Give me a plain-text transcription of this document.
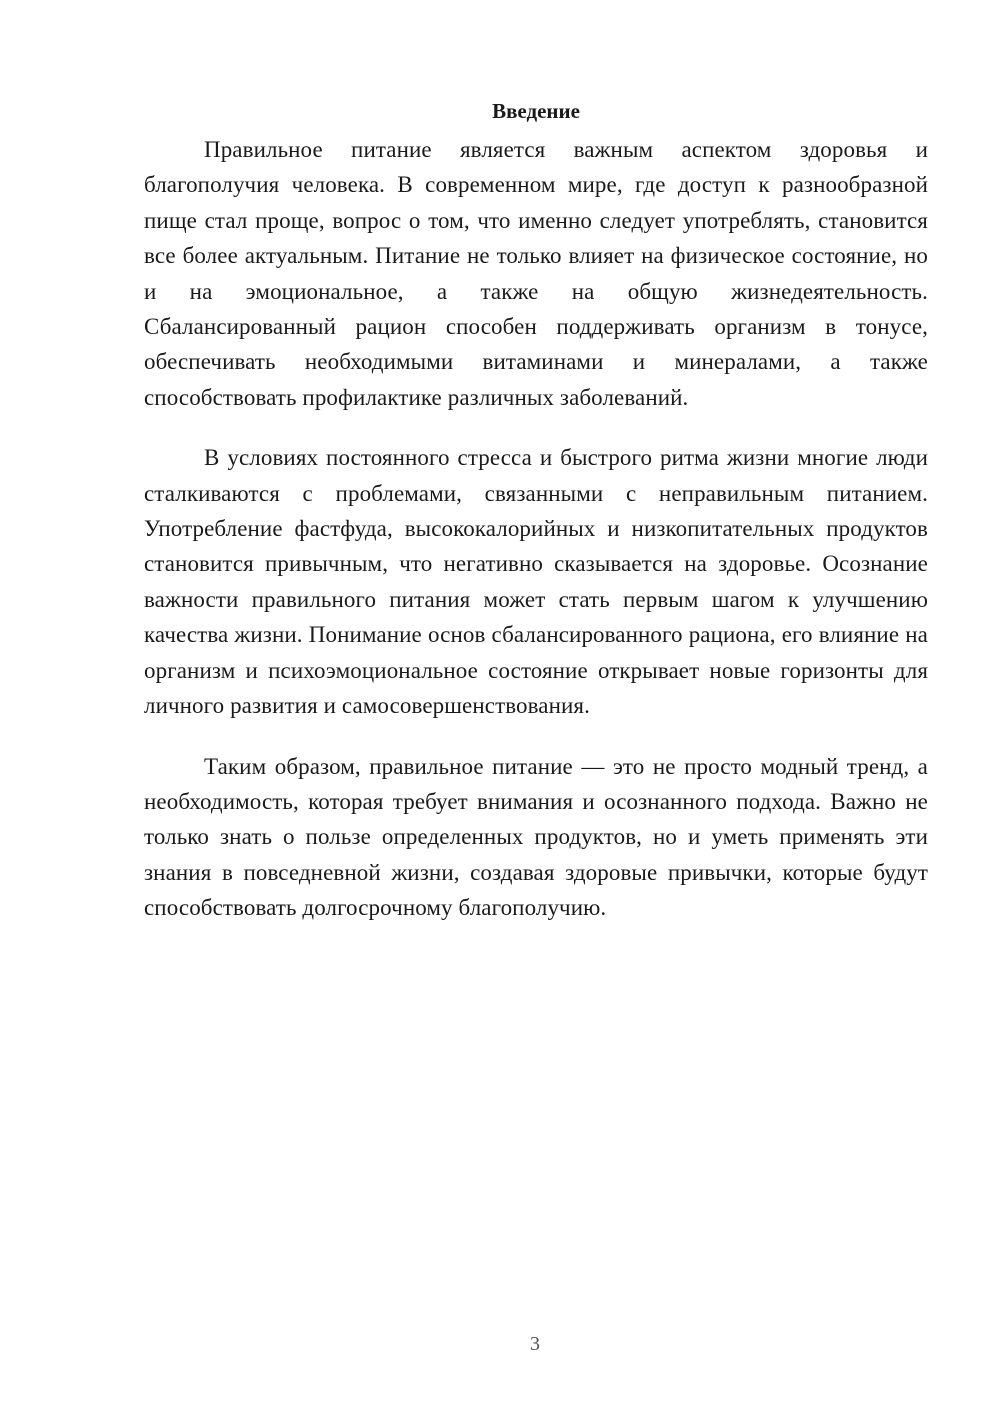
Введение

Правильное питание является важным аспектом здоровья и благополучия человека. В современном мире, где доступ к разнообразной пище стал проще, вопрос о том, что именно следует употреблять, становится все более актуальным. Питание не только влияет на физическое состояние, но и на эмоциональное, а также на общую жизнедеятельность. Сбалансированный рацион способен поддерживать организм в тонусе, обеспечивать необходимыми витаминами и минералами, а также способствовать профилактике различных заболеваний.

В условиях постоянного стресса и быстрого ритма жизни многие люди сталкиваются с проблемами, связанными с неправильным питанием. Употребление фастфуда, высококалорийных и низкопитательных продуктов становится привычным, что негативно сказывается на здоровье. Осознание важности правильного питания может стать первым шагом к улучшению качества жизни. Понимание основ сбалансированного рациона, его влияние на организм и психоэмоциональное состояние открывает новые горизонты для личного развития и самосовершенствования.

Таким образом, правильное питание — это не просто модный тренд, а необходимость, которая требует внимания и осознанного подхода. Важно не только знать о пользе определенных продуктов, но и уметь применять эти знания в повседневной жизни, создавая здоровые привычки, которые будут способствовать долгосрочному благополучию.

3
